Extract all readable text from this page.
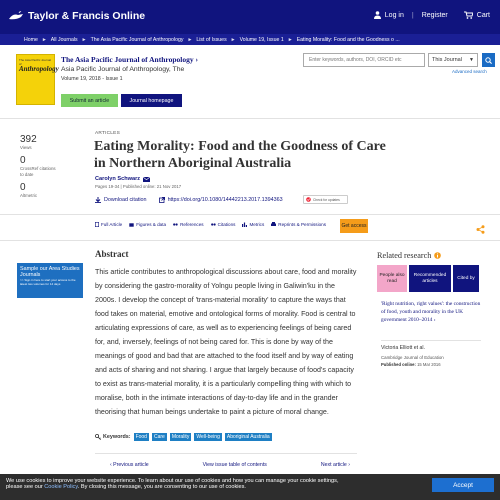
Taylor & Francis Online	Log in | Register	Cart
Home ► All Journals ► The Asia Pacific Journal of Anthropology ► List of Issues ► Volume 19, Issue 1 ► Eating Morality: Food and the Goodness o ...
The Asia Pacific Journal of
Anthropology
The Asia Pacific Journal of Anthropology ›
Asia Pacific Journal of Anthropology, The
Volume 19, 2018 - Issue 1
Submit an article	Journal homepage
Enter keywords, authors, DOI, ORCID etc	This Journal ▼
Advanced search
392
Views
0
CrossRef citations to date
0
Altmetric
ARTICLES
Eating Morality: Food and the Goodness of Care in Northern Aboriginal Australia
Carolyn Schwarz
Pages 19-34 | Published online: 21 Nov 2017
Download citation	https://doi.org/10.1080/14442213.2017.1394363	Check for updates
Full Article	Figures & data	References	Citations	Metrics	Reprints & Permissions	Get access
Sample our Area Studies Journals
>> Sign in here to start your access to the latest two volumes for 14 days
Abstract
This article contributes to anthropological discussions about care, food and morality by considering the gastro-morality of Yolngu people living in Galiwin'ku in the 2000s. I develop the concept of 'trans-material morality' to capture the ways that food takes on material, emotive and ontological forms of morality. Food is central to articulating expressions of care, as well as to experiencing feelings of being cared for, and, inversely, feelings of not being cared for. This is done by way of the meanings of good and bad that are attached to the food itself and by way of eating and acts of sharing and not sharing. I argue that largely because of food's capacity to exist as trans-material morality, it is a particularly compelling thing with which to moralise, both in the intimate interactions of day-to-day life and in the grander theorising that human beings undertake to paint a picture of moral change.
Keywords:	Food	Care	Morality	Well-being	Aboriginal Australia
‹ Previous article	View issue table of contents	Next article ›
Related research
People also read
Recommended articles
Cited by
'Right nutrition, right values': the construction of food, youth and morality in the UK government 2010–2014 ›
Victoria Elliott et al.
Cambridge Journal of Education
Published online: 15 Mar 2016
We use cookies to improve your website experience. To learn about our use of cookies and how you can manage your cookie settings,
please see our Cookie Policy. By closing this message, you are consenting to our use of cookies.	Accept
